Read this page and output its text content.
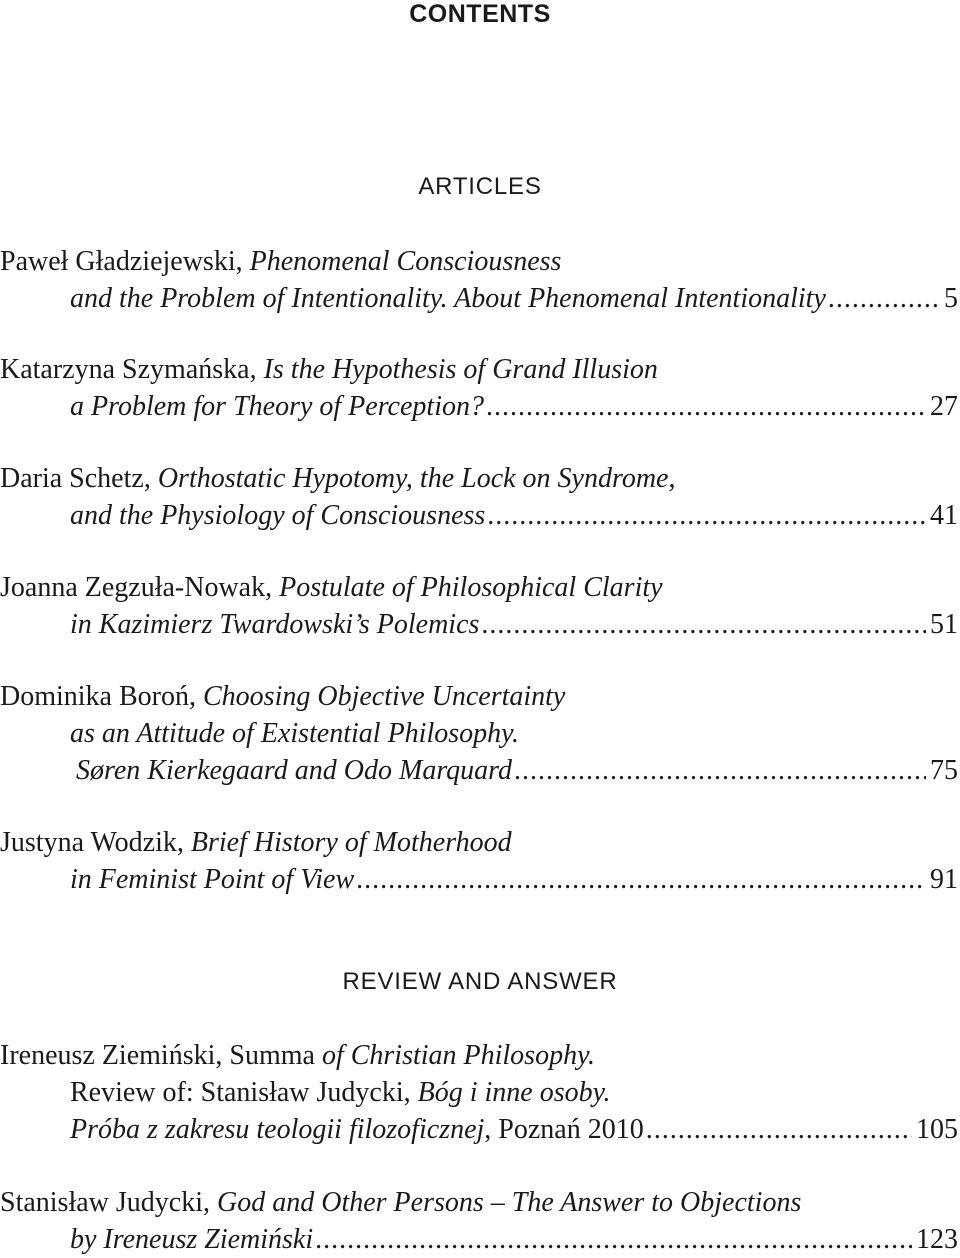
CONTENTS
ARTICLES
Paweł Gładziejewski, Phenomenal Consciousness
and the Problem of Intentionality. About Phenomenal Intentionality .....	5
Katarzyna Szymańska, Is the Hypothesis of Grand Illusion
a Problem for Theory of Perception? .....	27
Daria Schetz, Orthostatic Hypotomy, the Lock on Syndrome,
and the Physiology of Consciousness .....	41
Joanna Zegzuła-Nowak, Postulate of Philosophical Clarity
in Kazimierz Twardowski’s Polemics .....	51
Dominika Boroń, Choosing Objective Uncertainty
as an Attitude of Existential Philosophy.
Søren Kierkegaard and Odo Marquard .....	75
Justyna Wodzik, Brief History of Motherhood
in Feminist Point of View .....	91
REVIEW AND ANSWER
Ireneusz Ziemiński, Summa of Christian Philosophy.
Review of: Stanisław Judycki, Bóg i inne osoby.
Próba z zakresu teologii filozoficznej, Poznań 2010 .....	105
Stanisław Judycki, God and Other Persons – The Answer to Objections
by Ireneusz Ziemiński .....	123
